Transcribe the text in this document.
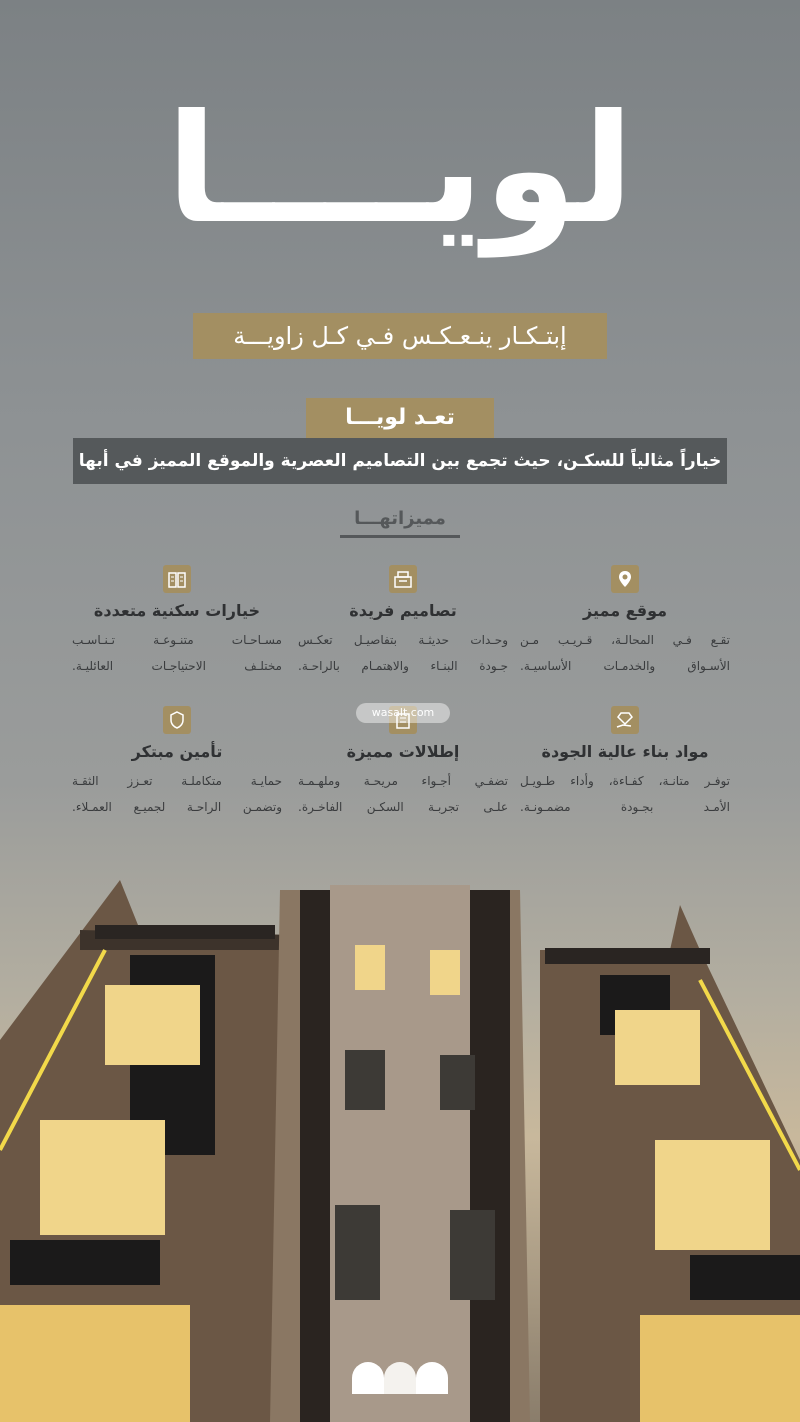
لويــــا
إبتـكـار ينـعـكـس فـي كـل زاويـــة
تعـد لويـــا
خياراً مثالياً للسكـن، حيث تجمع بين التصاميم العصرية والموقع المميز في أبها
مميزاتهـــا
موقع مميز
تقـع فـي المحالـة، قـريـب مـن
الأسـواق والخدمـات الأساسيـة.
تصاميم فريدة
وحـدات حديثـة بتفاصيـل تعكـس
جـودة البنـاء والاهتمـام بالراحـة.
خيارات سكنية متعددة
مسـاحـات متنـوعـة تـنـاسـب
مختلـف الاحتياجـات العائليـة.
مواد بناء عالية الجودة
توفـر متانـة، كفـاءة، وأداء طـويـل
الأمـد بجـودة مضمـونـة.
إطلالات مميزة
تضفـي أجـواء مريحـة وملهـمـة
علـى تجربـة السكـن الفاخـرة.
تأمين مبتكر
حمايـة متكاملـة تعـزز الثقـة
وتضمـن الراحـة لجميـع العمـلاء.
wasalt.com
